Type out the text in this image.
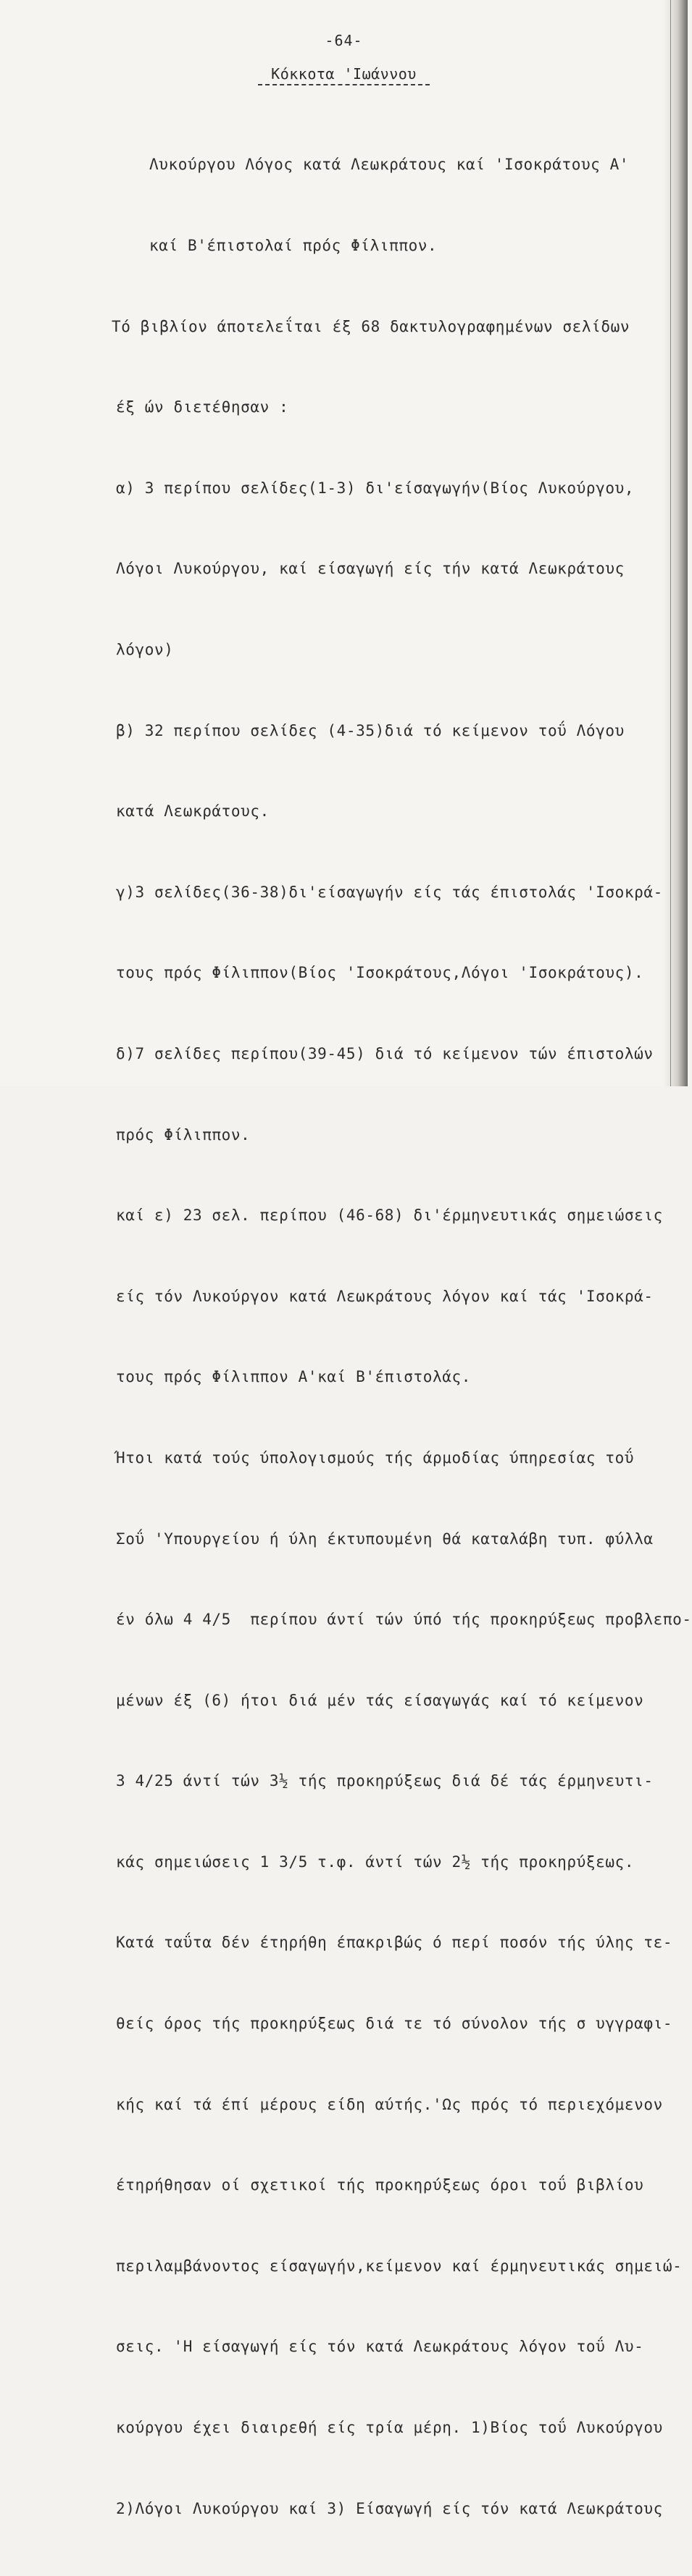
-64-
Κόκκοτα 'Ιωάννου

Λυκούργου Λόγος κατά Λεωκράτους καί 'Ισοκράτους Α'

καί Β'έπιστολαί πρός Φίλιππον.

Τό βιβλίον άποτελεΐται έξ 68 δακτυλογραφημένων σελίδων

έξ ών διετέθησαν :

α) 3 περίπου σελίδες(1-3) δι'είσαγωγήν(Βίος Λυκούργου,

Λόγοι Λυκούργου, καί είσαγωγή είς τήν κατά Λεωκράτους

λόγον)

β) 32 περίπου σελίδες (4-35)διά τό κείμενον τοΰ Λόγου

κατά Λεωκράτους.

γ)3 σελίδες(36-38)δι'είσαγωγήν είς τάς έπιστολάς 'Ισοκρά-

τους πρός Φίλιππον(Βίος 'Ισοκράτους,Λόγοι 'Ισοκράτους).

δ)7 σελίδες περίπου(39-45) διά τό κείμενον τών έπιστολών

πρός Φίλιππον.

καί ε) 23 σελ. περίπου (46-68) δι'έρμηνευτικάς σημειώσεις

είς τόν Λυκούργον κατά Λεωκράτους λόγον καί τάς 'Ισοκρά-

τους πρός Φίλιππον Α'καί Β'έπιστολάς.

Ήτοι κατά τούς ύπολογισμούς τής άρμοδίας ύπηρεσίας τοΰ

Σοΰ 'Υπουργείου ή ύλη έκτυπουμένη θά καταλάβη τυπ. φύλλα

έν όλω 4 4/5  περίπου άντί τών ύπό τής προκηρύξεως προβλεπο-

μένων έξ (6) ήτοι διά μέν τάς είσαγωγάς καί τό κείμενον

3 4/25 άντί τών 3½ τής προκηρύξεως διά δέ τάς έρμηνευτι-

κάς σημειώσεις 1 3/5 τ.φ. άντί τών 2½ τής προκηρύξεως.

Κατά ταΰτα δέν έτηρήθη έπακριβώς ό περί ποσόν τής ύλης τε-

θείς όρος τής προκηρύξεως διά τε τό σύνολον τής σ υγγραφι-

κής καί τά έπί μέρους είδη αύτής.'Ως πρός τό περιεχόμενον

έτηρήθησαν οί σχετικοί τής προκηρύξεως όροι τοΰ βιβλίου

περιλαμβάνοντος είσαγωγήν,κείμενον καί έρμηνευτικάς σημειώ-

σεις. 'Η είσαγωγή είς τόν κατά Λεωκράτους λόγον τοΰ Λυ-

κούργου έχει διαιρεθή είς τρία μέρη. 1)Βίος τοΰ Λυκούργου

2)Λόγοι Λυκούργου καί 3) Είσαγωγή είς τόν κατά Λεωκράτους
